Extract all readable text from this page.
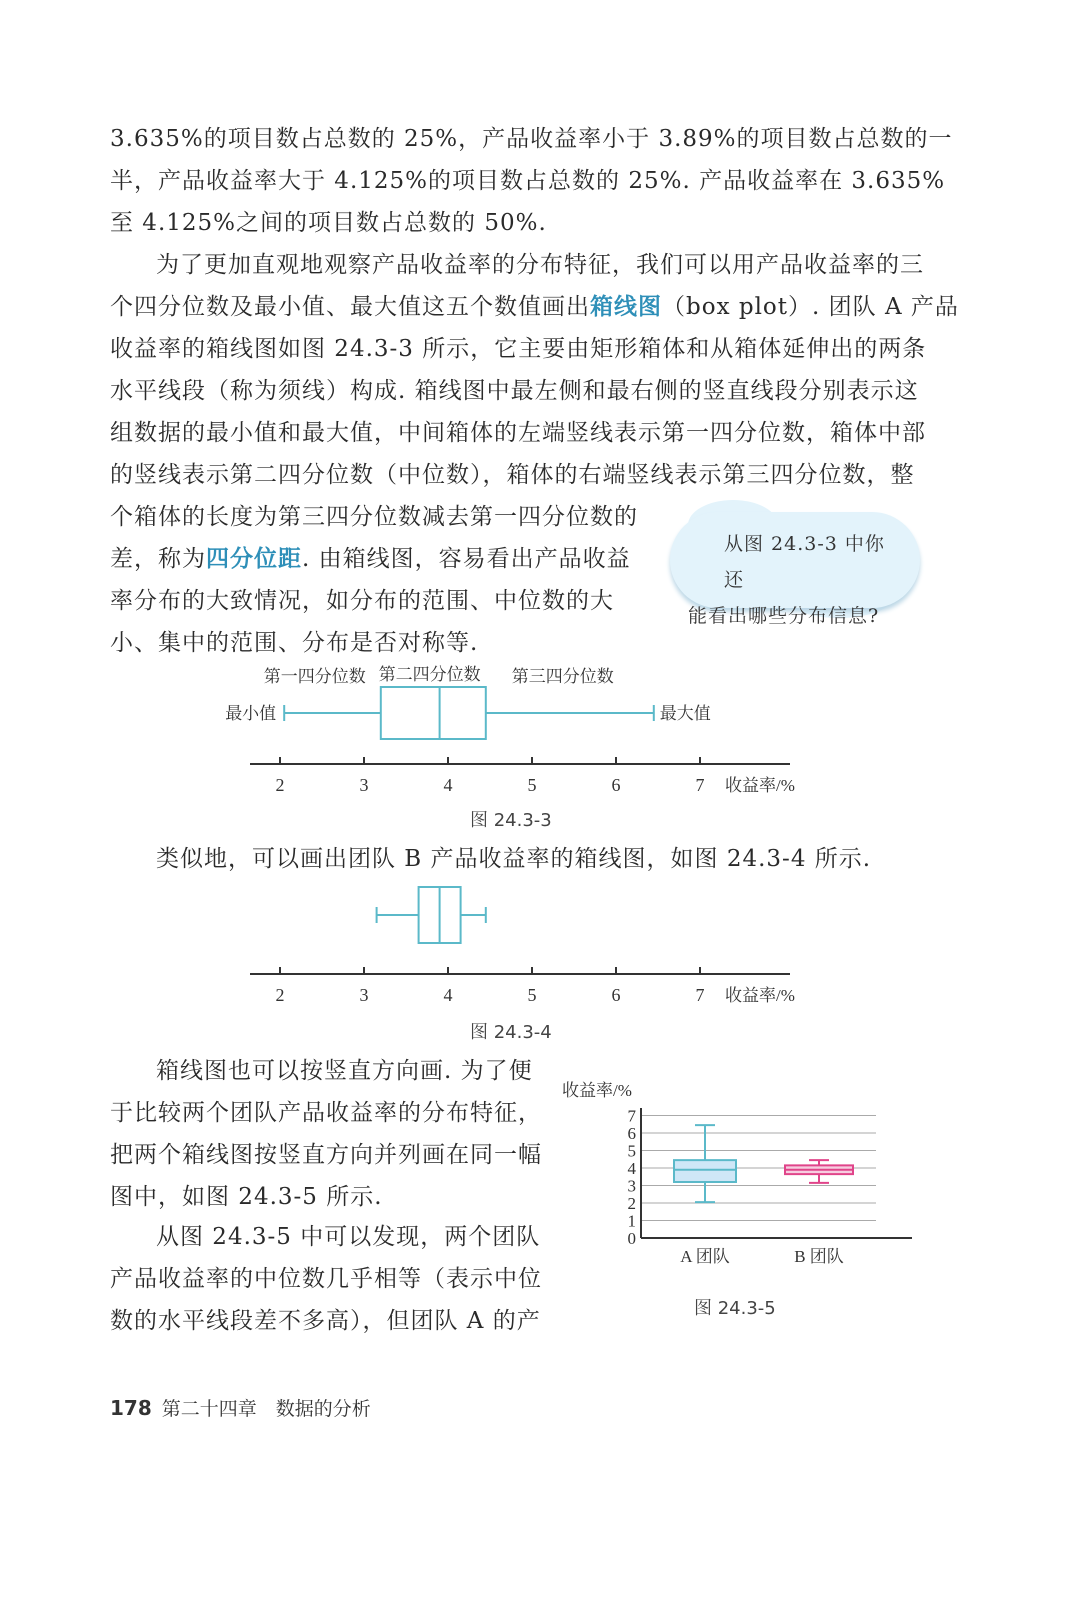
3.635%的项目数占总数的 25%，产品收益率小于 3.89%的项目数占总数的一
半，产品收益率大于 4.125%的项目数占总数的 25%. 产品收益率在 3.635%
至 4.125%之间的项目数占总数的 50%.
为了更加直观地观察产品收益率的分布特征，我们可以用产品收益率的三
个四分位数及最小值、最大值这五个数值画出箱线图（box plot）. 团队 A 产品
收益率的箱线图如图 24.3-3 所示，它主要由矩形箱体和从箱体延伸出的两条
水平线段（称为须线）构成. 箱线图中最左侧和最右侧的竖直线段分别表示这
组数据的最小值和最大值，中间箱体的左端竖线表示第一四分位数，箱体中部
的竖线表示第二四分位数（中位数），箱体的右端竖线表示第三四分位数，整
个箱体的长度为第三四分位数减去第一四分位数的
差，称为四分位距. 由箱线图，容易看出产品收益
率分布的大致情况，如分布的范围、中位数的大
小、集中的范围、分布是否对称等.
从图 24.3-3 中你还
能看出哪些分布信息?
2	3	4	5	6	7 收益率/%
最小值	最大值
第一四分位数 第二四分位数 第三四分位数
2	3	4	5	6	7 收益率/%
0
1
2
3
4
5
6
7
收益率/%
A 团队	B 团队
图 24.3-3
图 24.3-4
图 24.3-5
类似地，可以画出团队 B 产品收益率的箱线图，如图 24.3-4 所示.
箱线图也可以按竖直方向画. 为了便
于比较两个团队产品收益率的分布特征，
把两个箱线图按竖直方向并列画在同一幅
图中，如图 24.3-5 所示.
从图 24.3-5 中可以发现，两个团队
产品收益率的中位数几乎相等（表示中位
数的水平线段差不多高），但团队 A 的产
178 第二十四章　数据的分析
